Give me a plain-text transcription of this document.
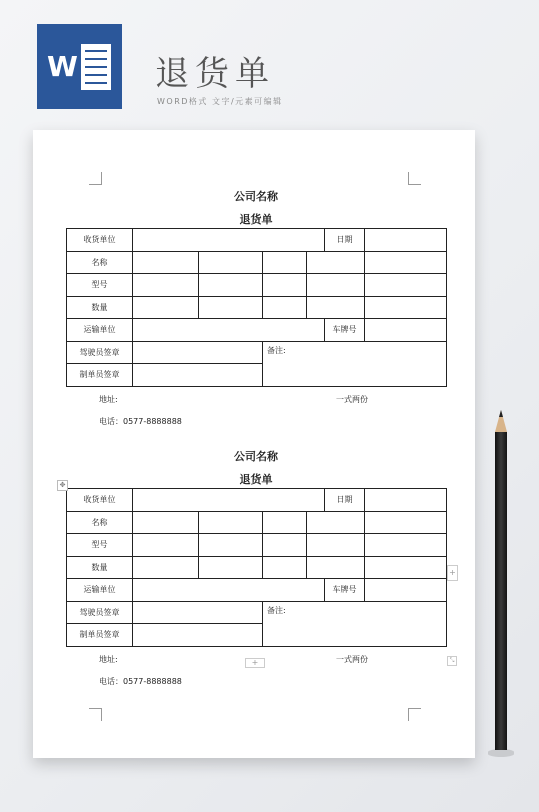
W 退货单
WORD格式 文字/元素可编辑
公司名称
退货单
收货单位					日期	
名称						
型号						
数量						
运输单位					车牌号	
驾驶员签章			备注:			
制单员签章						
地址:	一式两份
电话：0577-8888888
公司名称
退货单
收货单位					日期	
名称						
型号						
数量						
运输单位					车牌号	
驾驶员签章			备注:			
制单员签章						
地址:	一式两份
电话：0577-8888888
✥
+
+	⤡
